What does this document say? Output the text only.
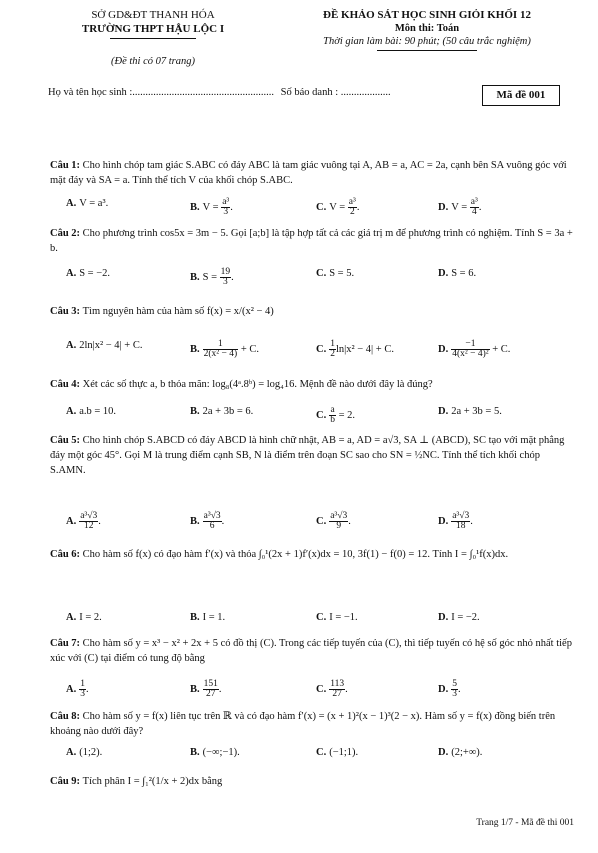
SỞ GD&ĐT THANH HÓA
TRƯỜNG THPT HẬU LỘC I
ĐỀ KHẢO SÁT HỌC SINH GIỎI KHỐI 12
Môn thi: Toán
Thời gian làm bài: 90 phút; (50 câu trắc nghiệm)
(Đề thi có 07 trang)
Họ và tên học sinh :...................................................... Số báo danh : ...................	Mã đề 001
Câu 1: Cho hình chóp tam giác S.ABC có đáy ABC là tam giác vuông tại A, AB = a, AC = 2a, cạnh bên SA vuông góc với mặt đáy và SA = a. Tính thể tích V của khối chóp S.ABC.
A. V = a³.	B. $V = \frac{\text{a³}}{3}$ .	C. $V = \frac{\text{a³}}{2}$ .	D. $V = \frac{\text{a³}}{4}$ .
Câu 2: Cho phương trình cos5x = 3m − 5. Gọi [a;b] là tập hợp tất cả các giá trị m để phương trình có nghiệm. Tính S = 3a + b.
A. S = −2.	B. $S = \frac{19}{3}$ .	C. S = 5.	D. S = 6.
Câu 3: Tìm nguyên hàm của hàm số f(x) = x/(x² − 4)
A. 2ln|x² − 4| + C.	B. $\frac{1}{\text{2(x² − 4)}} + C$.	C. $\frac{1}{2} \ln|x^2 - 4| + C$.	D. $\frac{-1}{\text{4(x² − 4)²}} + C$.
Câu 4: Xét các số thực a, b thỏa mãn: log₈(4ᵃ.8ᵇ) = log₄16. Mệnh đề nào dưới đây là đúng?
A. a.b = 10.	B. 2a + 3b = 6.	C. $\frac{a}{b} = 2$.	D. 2a + 3b = 5.
Câu 5: Cho hình chóp S.ABCD có đáy ABCD là hình chữ nhật, AB = a, AD = a√3, SA ⊥ (ABCD), SC tạo với mặt phẳng đáy một góc 45°. Gọi M là trung điểm cạnh SB, N là điểm trên đoạn SC sao cho SN = ½NC. Tính thể tích khối chóp S.AMN.
A. $\frac{\text{a³√3}}{12}$ .	B. $\frac{\text{a³√3}}{6}$ .	C. $\frac{\text{a³√3}}{9}$ .	D. $\frac{\text{a³√3}}{18}$ .
Câu 6: Cho hàm số f(x) có đạo hàm f′(x) và thỏa ∫₀¹(2x + 1)f′(x)dx = 10, 3f(1) − f(0) = 12. Tính I = ∫₀¹f(x)dx.
A. I = 2.	B. I = 1.	C. I = −1.	D. I = −2.
Câu 7: Cho hàm số y = x³ − x² + 2x + 5 có đồ thị (C). Trong các tiếp tuyến của (C), thì tiếp tuyến có hệ số góc nhỏ nhất tiếp xúc với (C) tại điểm có tung độ bằng
A. $\frac{1}{3}$ .	B. $\frac{151}{27}$ .	C. $\frac{113}{27}$ .	D. $\frac{5}{3}$ .
Câu 8: Cho hàm số y = f(x) liên tục trên ℝ và có đạo hàm f′(x) = (x + 1)²(x − 1)³(2 − x). Hàm số y = f(x) đồng biến trên khoảng nào dưới đây?
A. (1;2).	B. (−∞;−1).	C. (−1;1).	D. (2;+∞).
Câu 9: Tích phân I = ∫₁²(1/x + 2)dx bằng
Trang 1/7 - Mã đề thi 001
